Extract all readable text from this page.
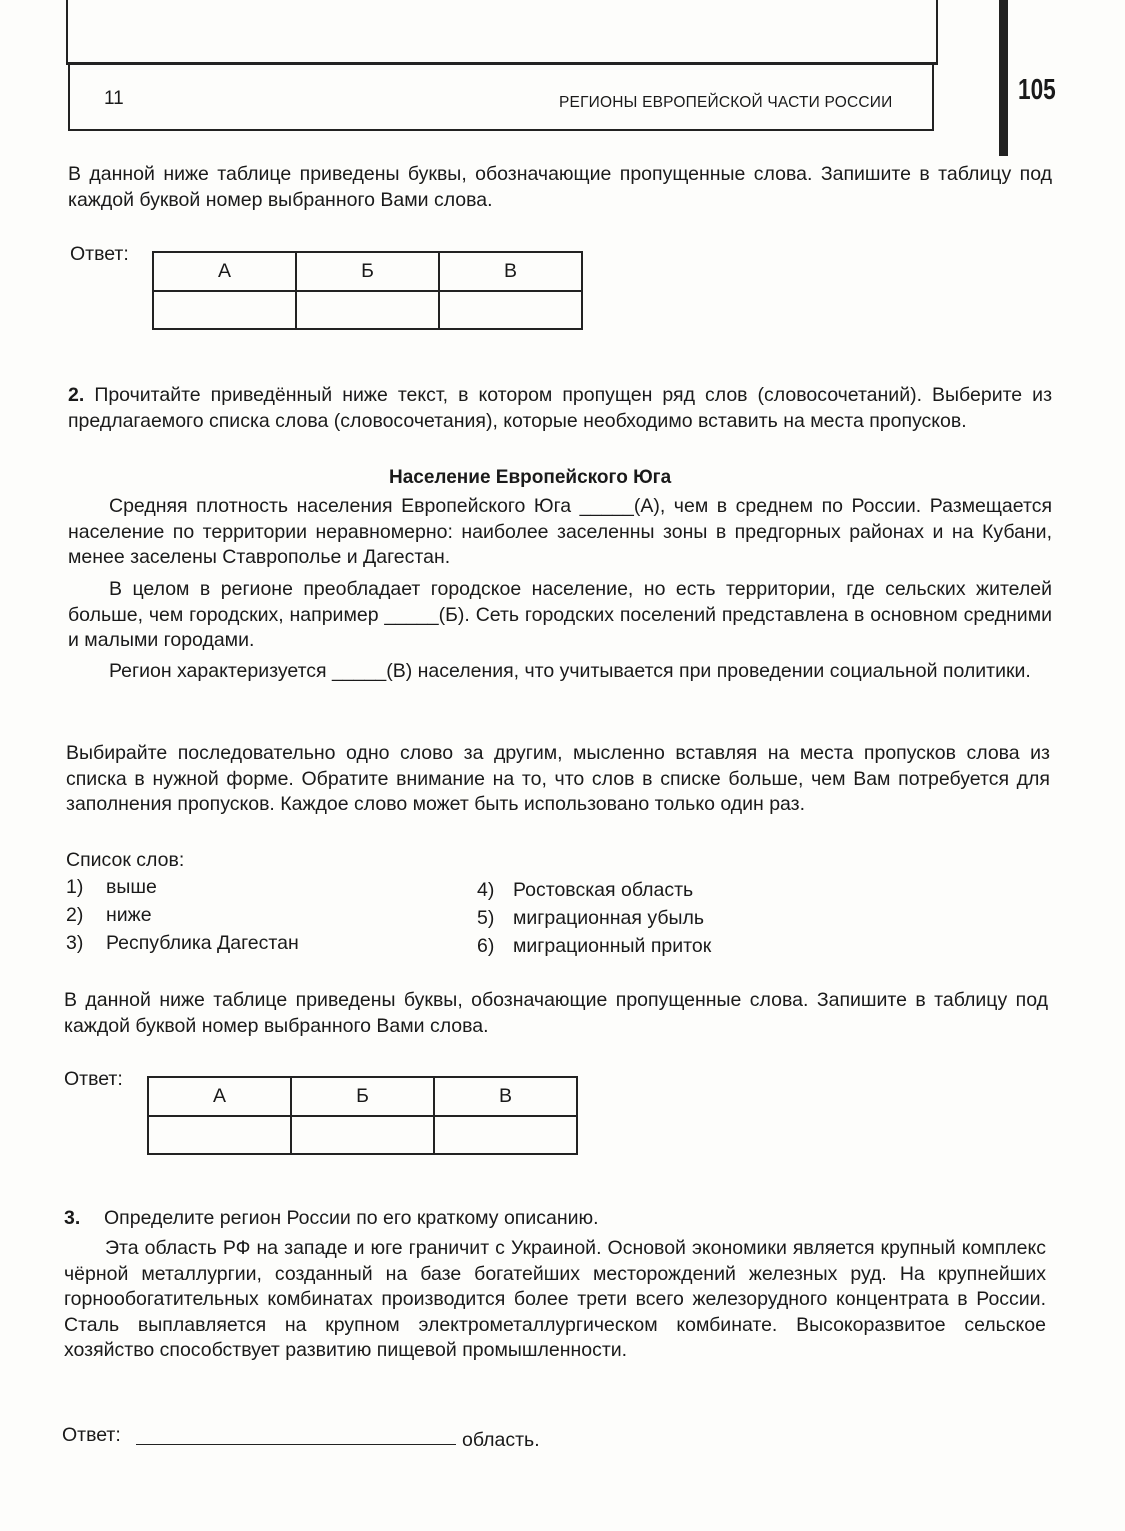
11	РЕГИОНЫ ЕВРОПЕЙСКОЙ ЧАСТИ РОССИИ	105
В данной ниже таблице приведены буквы, обозначающие пропущенные слова. Запишите в таблицу под каждой буквой номер выбранного Вами слова.
Ответ:
А	Б	В

2. Прочитайте приведённый ниже текст, в котором пропущен ряд слов (словосочетаний). Выберите из предлагаемого списка слова (словосочетания), которые необходимо вставить на места пропусков.
Население Европейского Юга
Средняя плотность населения Европейского Юга _____(А), чем в среднем по России. Размещается население по территории неравномерно: наиболее заселенны зоны в предгорных районах и на Кубани, менее заселены Ставрополье и Дагестан.
В целом в регионе преобладает городское население, но есть территории, где сельских жителей больше, чем городских, например _____(Б). Сеть городских поселений представлена в основном средними и малыми городами.
Регион характеризуется _____(В) населения, что учитывается при проведении социальной политики.
Выбирайте последовательно одно слово за другим, мысленно вставляя на места пропусков слова из списка в нужной форме. Обратите внимание на то, что слов в списке больше, чем Вам потребуется для заполнения пропусков. Каждое слово может быть использовано только один раз.
Список слов:
1) выше
2) ниже
3) Республика Дагестан
4) Ростовская область
5) миграционная убыль
6) миграционный приток
В данной ниже таблице приведены буквы, обозначающие пропущенные слова. Запишите в таблицу под каждой буквой номер выбранного Вами слова.
Ответ:
А	Б	В

3. Определите регион России по его краткому описанию.
Эта область РФ на западе и юге граничит с Украиной. Основой экономики является крупный комплекс чёрной металлургии, созданный на базе богатейших месторождений железных руд. На крупнейших горнообогатительных комбинатах производится более трети всего железорудного концентрата в России. Сталь выплавляется на крупном электрометаллургическом комбинате. Высокоразвитое сельское хозяйство способствует развитию пищевой промышленности.
Ответ:	область.
